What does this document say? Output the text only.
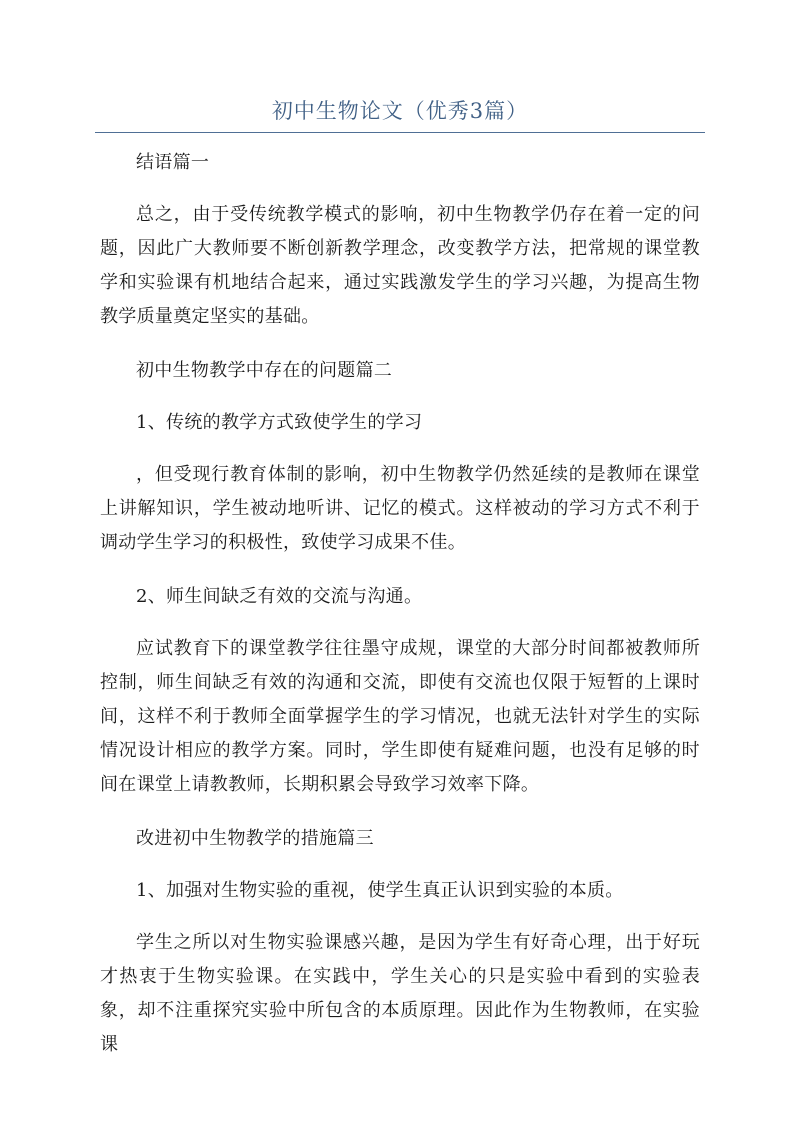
初中生物论文（优秀3篇）

结语篇一

总之，由于受传统教学模式的影响，初中生物教学仍存在着一定的问题，因此广大教师要不断创新教学理念，改变教学方法，把常规的课堂教学和实验课有机地结合起来，通过实践激发学生的学习兴趣，为提高生物教学质量奠定坚实的基础。

初中生物教学中存在的问题篇二

1、传统的教学方式致使学生的学习

，但受现行教育体制的影响，初中生物教学仍然延续的是教师在课堂上讲解知识，学生被动地听讲、记忆的模式。这样被动的学习方式不利于调动学生学习的积极性，致使学习成果不佳。

2、师生间缺乏有效的交流与沟通。

应试教育下的课堂教学往往墨守成规，课堂的大部分时间都被教师所控制，师生间缺乏有效的沟通和交流，即使有交流也仅限于短暂的上课时间，这样不利于教师全面掌握学生的学习情况，也就无法针对学生的实际情况设计相应的教学方案。同时，学生即使有疑难问题，也没有足够的时间在课堂上请教教师，长期积累会导致学习效率下降。

改进初中生物教学的措施篇三

1、加强对生物实验的重视，使学生真正认识到实验的本质。

学生之所以对生物实验课感兴趣，是因为学生有好奇心理，出于好玩才热衷于生物实验课。在实践中，学生关心的只是实验中看到的实验表象，却不注重探究实验中所包含的本质原理。因此作为生物教师，在实验课
